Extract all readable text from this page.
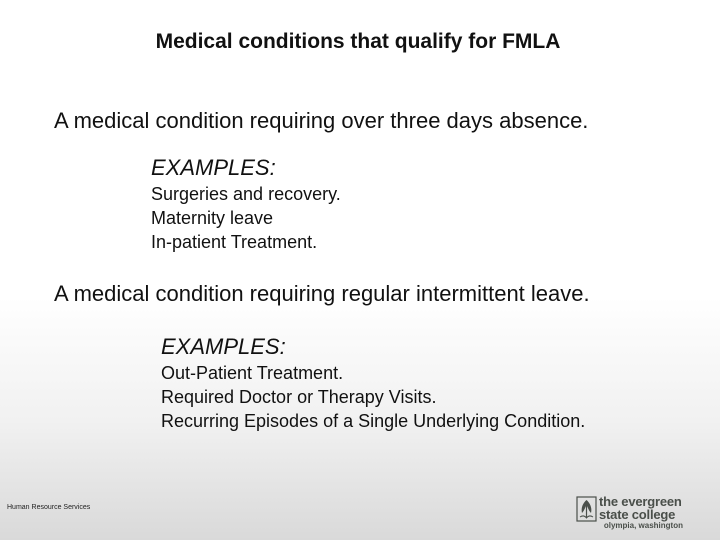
Medical conditions that qualify for FMLA
A medical condition requiring over three days absence.
EXAMPLES:
Surgeries and recovery.
Maternity leave
In-patient Treatment.
A medical condition requiring regular intermittent leave.
EXAMPLES:
Out-Patient Treatment.
Required Doctor or Therapy Visits.
Recurring Episodes of a Single Underlying Condition.
Human Resource Services	the evergreen
state college
olympia, washington
